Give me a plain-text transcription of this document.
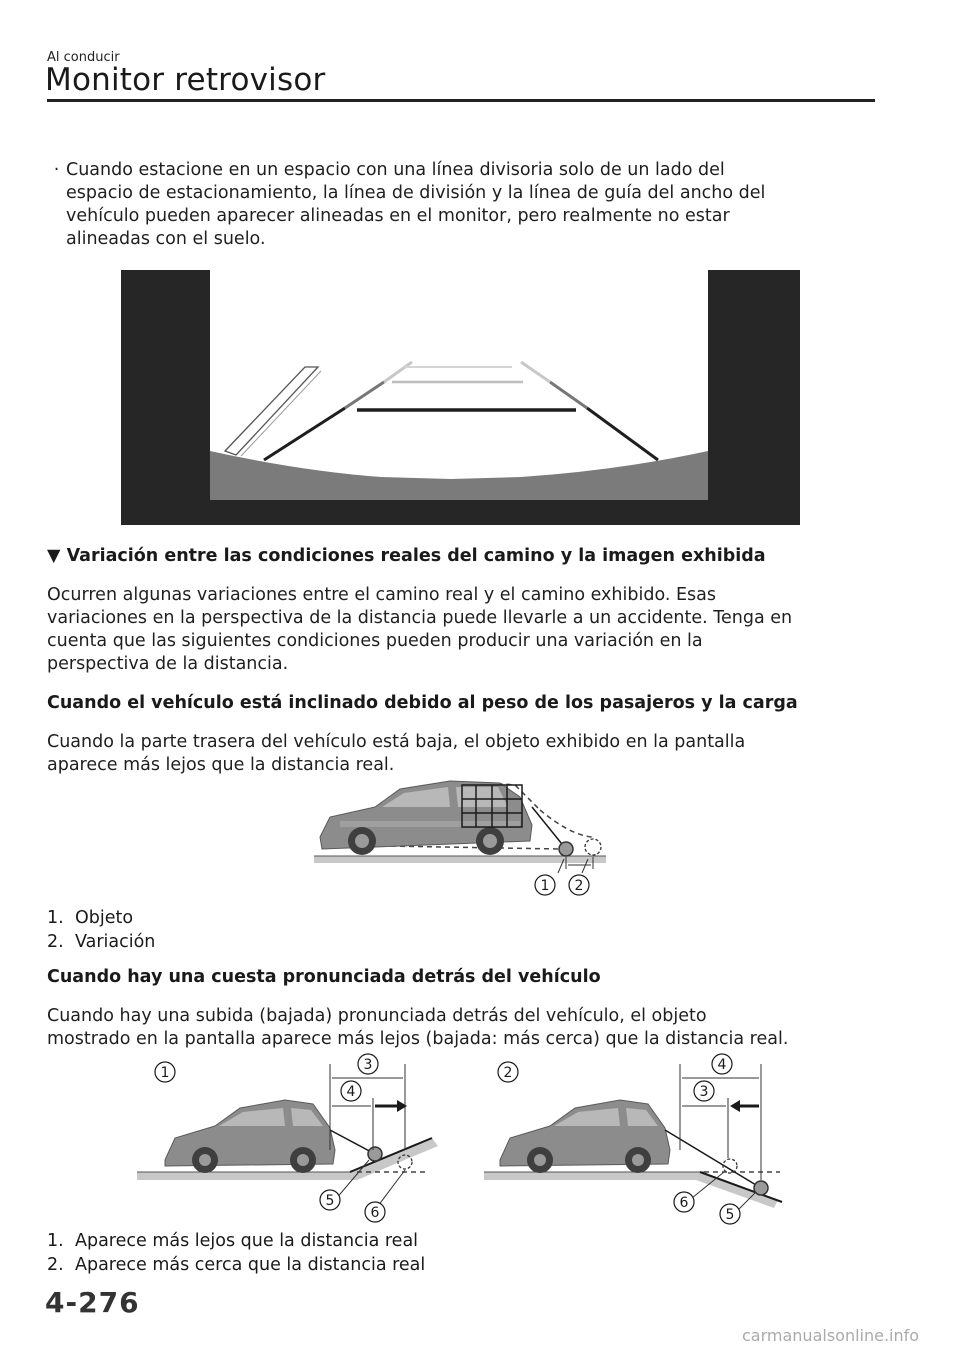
Al conducir
Monitor retrovisor
· Cuando estacione en un espacio con una línea divisoria solo de un lado del
espacio de estacionamiento, la línea de división y la línea de guía del ancho del
vehículo pueden aparecer alineadas en el monitor, pero realmente no estar
alineadas con el suelo.
▼ Variación entre las condiciones reales del camino y la imagen exhibida
Ocurren algunas variaciones entre el camino real y el camino exhibido. Esas
variaciones en la perspectiva de la distancia puede llevarle a un accidente. Tenga en
cuenta que las siguientes condiciones pueden producir una variación en la
perspectiva de la distancia.
Cuando el vehículo está inclinado debido al peso de los pasajeros y la carga
Cuando la parte trasera del vehículo está baja, el objeto exhibido en la pantalla
aparece más lejos que la distancia real.
1 2
1. Objeto
2. Variación
Cuando hay una cuesta pronunciada detrás del vehículo
Cuando hay una subida (bajada) pronunciada detrás del vehículo, el objeto
mostrado en la pantalla aparece más lejos (bajada: más cerca) que la distancia real.
1	3
4
5
6
2	4
3
6
5
1. Aparece más lejos que la distancia real
2. Aparece más cerca que la distancia real
4-276
carmanualsonline.info
